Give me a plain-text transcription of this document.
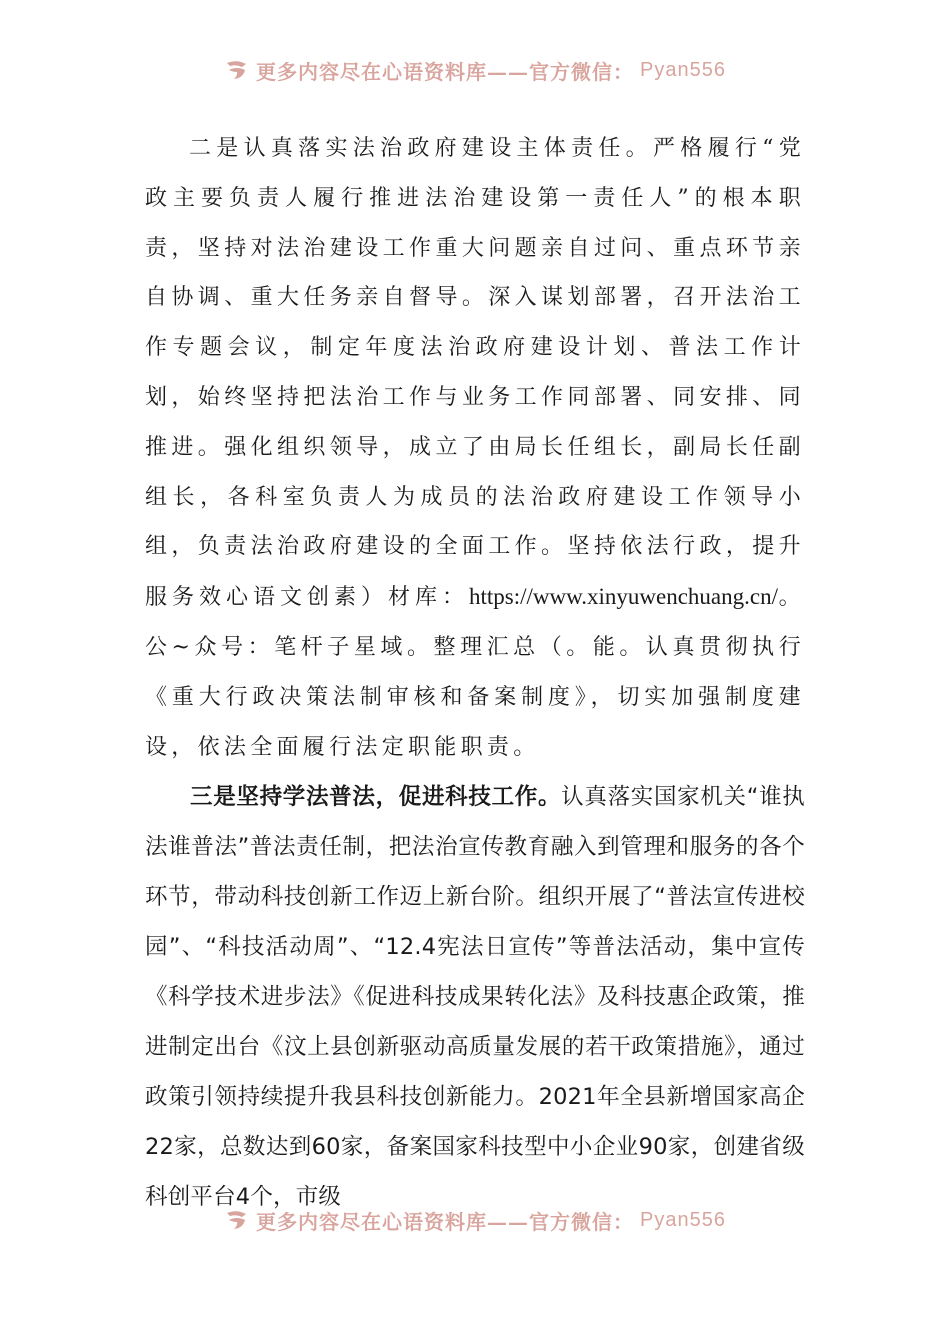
更多内容尽在心语资料库——官方微信： Pyan556

二是认真落实法治政府建设主体责任。严格履行“党政主要负责人履行推进法治建设第一责任人”的根本职责，坚持对法治建设工作重大问题亲自过问、重点环节亲自协调、重大任务亲自督导。深入谋划部署，召开法治工作专题会议，制定年度法治政府建设计划、普法工作计划，始终坚持把法治工作与业务工作同部署、同安排、同推进。强化组织领导，成立了由局长任组长，副局长任副组长，各科室负责人为成员的法治政府建设工作领导小组，负责法治政府建设的全面工作。坚持依法行政，提升服务效心语文创素）材库：https://www.xinyuwenchuang.cn/。公~众号：笔杆子星域。整理汇总（。能。认真贯彻执行《重大行政决策法制审核和备案制度》，切实加强制度建设，依法全面履行法定职能职责。

三是坚持学法普法，促进科技工作。认真落实国家机关“谁执法谁普法”普法责任制，把法治宣传教育融入到管理和服务的各个环节，带动科技创新工作迈上新台阶。组织开展了“普法宣传进校园”、“科技活动周”、“12.4宪法日宣传”等普法活动，集中宣传《科学技术进步法》《促进科技成果转化法》及科技惠企政策，推进制定出台《汶上县创新驱动高质量发展的若干政策措施》，通过政策引领持续提升我县科技创新能力。2021年全县新增国家高企22家，总数达到60家，备案国家科技型中小企业90家，创建省级科创平台4个，市级

更多内容尽在心语资料库——官方微信： Pyan556
